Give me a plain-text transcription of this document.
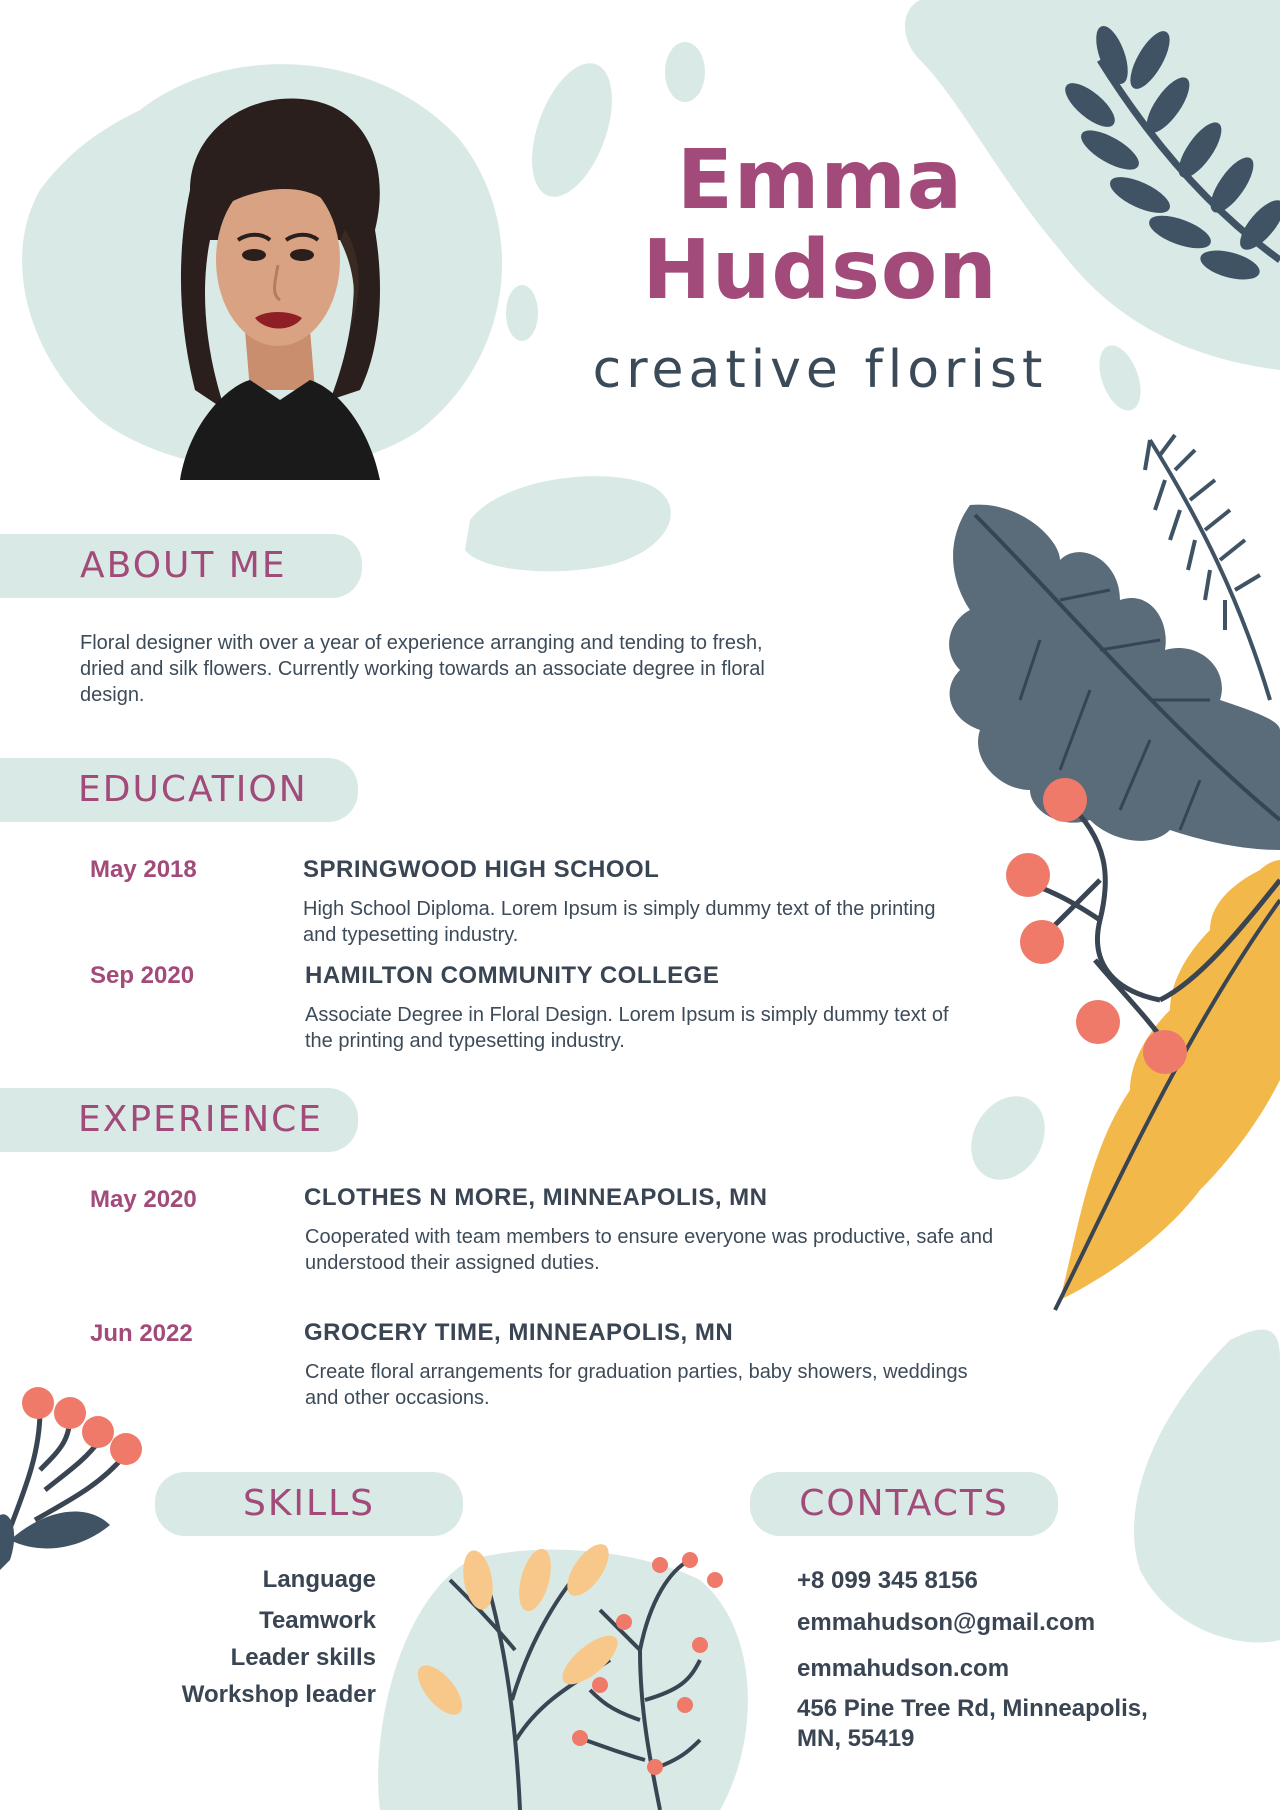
Emma
Hudson
creative florist
ABOUT ME
Floral designer with over a year of experience arranging and tending to fresh, dried and silk flowers. Currently working towards an associate degree in floral design.
EDUCATION
May 2018	SPRINGWOOD HIGH SCHOOL
High School Diploma. Lorem Ipsum is simply dummy text of the printing and typesetting industry.
Sep 2020	HAMILTON COMMUNITY COLLEGE
Associate Degree in Floral Design. Lorem Ipsum is simply dummy text of the printing and typesetting industry.
EXPERIENCE
May 2020	CLOTHES N MORE, MINNEAPOLIS, MN
Cooperated with team members to ensure everyone was productive, safe and understood their assigned duties.
Jun 2022	GROCERY TIME, MINNEAPOLIS, MN
Create floral arrangements for graduation parties, baby showers, weddings and other occasions.
SKILLS
Language
Teamwork
Leader skills
Workshop leader
CONTACTS
+8 099 345 8156
emmahudson@gmail.com
emmahudson.com
456 Pine Tree Rd, Minneapolis, MN, 55419
